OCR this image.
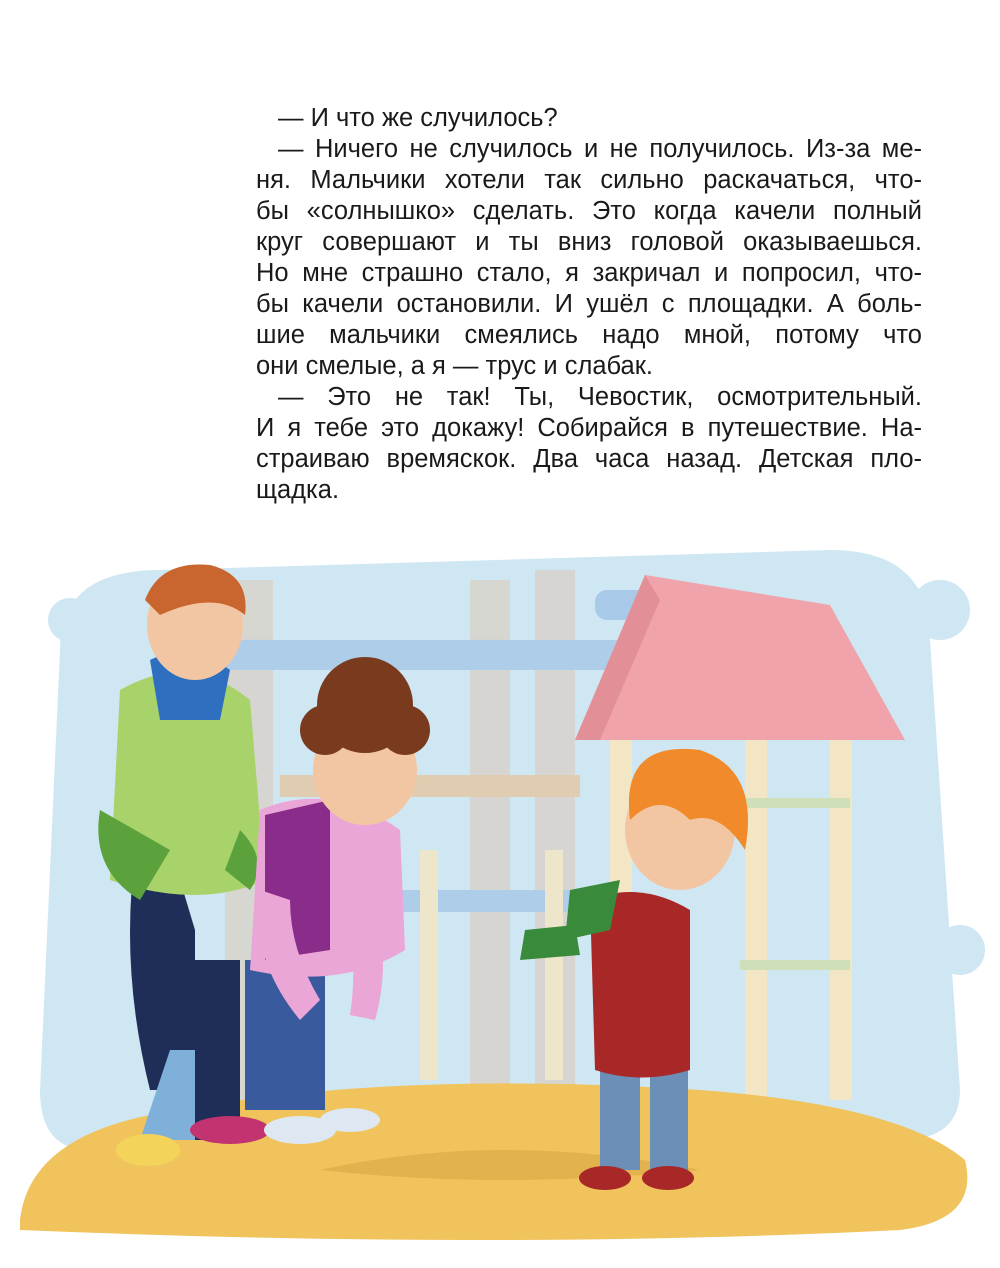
— И что же случилось?
— Ничего не случилось и не получилось. Из-за ме-
ня. Мальчики хотели так сильно раскачаться, что-
бы «солнышко» сделать. Это когда качели полный
круг совершают и ты вниз головой оказываешься.
Но мне страшно стало, я закричал и попросил, что-
бы качели остановили. И ушёл с площадки. А боль-
шие мальчики смеялись надо мной, потому что
они смелые, а я — трус и слабак.
— Это не так! Ты, Чевостик, осмотрительный.
И я тебе это докажу! Собирайся в путешествие. На-
страиваю времяскок. Два часа назад. Детская пло-
щадка.
